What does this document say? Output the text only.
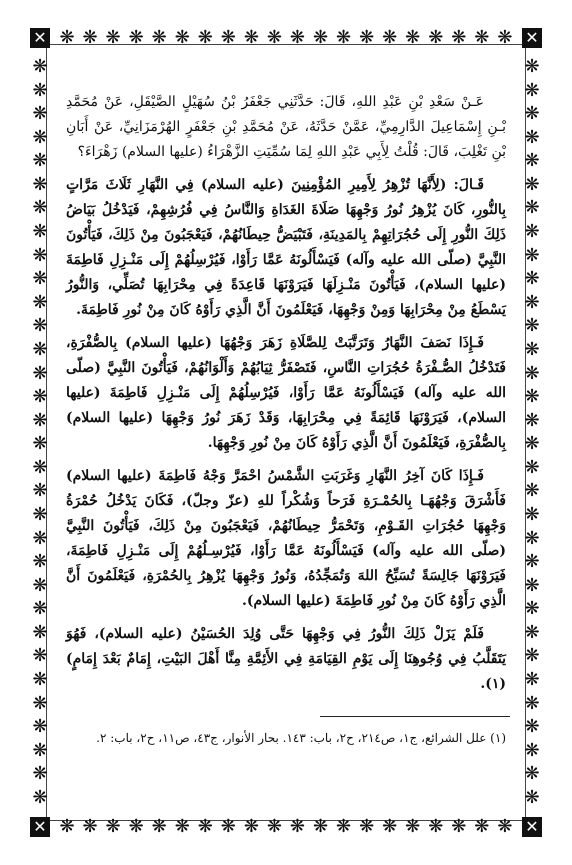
✕	✕
✕	✕
❋ ❋ ❋ ❋ ❋ ❋ ❋ ❋ ❋ ❋ ❋ ❋ ❋ ❋ ❋ ❋ ❋ ❋ ❋ ❋
❋ ❋ ❋ ❋ ❋ ❋ ❋ ❋ ❋ ❋ ❋ ❋ ❋ ❋ ❋ ❋ ❋ ❋ ❋ ❋
❋
❋
❋
❋
❋
❋
❋
❋
❋
❋
❋
❋
❋
❋
❋
❋
❋
❋
❋
❋
❋
❋
❋
❋
❋
❋
❋
❋
❋
❋
❋
❋
❋
❋
❋
❋
❋
❋
❋
❋
❋
❋
❋
❋
❋
❋
❋
❋
❋
❋
❋
❋
❋
❋
❋
❋
❋
❋
❋
❋
❋
❋
❋
❋

عَـنْ سَعْدِ بْنِ عَبْدِ اللهِ، قَالَ: حَدَّثَنِي جَعْفَرُ بْنُ سُهَيْلٍ الصَّيْقَلِ، عَنْ مُحَمَّدِ بْـنِ إِسْمَاعِيلَ الدَّارِمِيِّ، عَمَّنْ حَدَّثَهُ، عَنْ مُحَمَّدِ بْنِ جَعْفَرٍ الهُرْمَزَانِيِّ، عَنْ أَبَانِ بْنِ تَغْلِبَ، قَالَ: قُلْتُ لِأَبِي عَبْدِ اللهِ لِمَا سُمِّيَتِ الزَّهْرَاءُ (عليها السلام) زَهْرَاءَ؟

قَـالَ: (لِأَنَّهَا تُزْهِرُ لِأَمِيرِ المُؤْمِنِينَ (عليه السلام) فِي النَّهَارِ ثَلَاثَ مَرَّاتٍ بِالنُّورِ، كَانَ يُزْهِرُ نُورُ وَجْهِهَا صَلَاةَ الغَدَاةِ وَالنَّاسُ فِي فُرُشِهِمْ، فَيَدْخُلُ بَيَاضُ ذَلِكَ النُّورِ إِلَى حُجُرَاتِهِمْ بِالمَدِينَةِ، فَتَبْيَضُّ حِيطَانُهُمْ، فَيَعْجَبُونَ مِنْ ذَلِكَ، فَيَأْتُونَ النَّبِيَّ (صلّى الله عليه وآله) فَيَسْأَلُونَهُ عَمَّا رَأَوْا، فَيُرْسِلُهُمْ إِلَى مَنْـزِلِ فَاطِمَةَ (عليها السلام)، فَيَأْتُونَ مَنْـزِلَهَا فَيَرَوْنَهَا قَاعِدَةً فِي مِحْرَابِهَا تُصَلِّي، وَالنُّورُ يَسْطَعُ مِنْ مِحْرَابِهَا وَمِنْ وَجْهِهَا، فَيَعْلَمُونَ أَنَّ الَّذِي رَأَوْهُ كَانَ مِنْ نُورِ فَاطِمَةَ.

فَـإِذَا نَصَفَ النَّهَارُ وَتَرَتَّبَتْ لِلصَّلَاةِ زَهَرَ وَجْهُهَا (عليها السلام) بِالصُّفْرَةِ، فَتَدْخُلُ الصُّـفْرَةُ حُجُرَاتِ النَّاسِ، فَتَصْفَرُّ ثِيَابُهُمْ وَأَلْوَانُهُمْ، فَيَأْتُونَ النَّبِيَّ (صلّى الله عليه وآله) فَيَسْأَلُونَهُ عَمَّا رَأَوْا، فَيُرْسِلُهُمْ إِلَى مَنْـزِلِ فَاطِمَةَ (عليها السلام)، فَيَرَوْنَهَا قَائِمَةً فِي مِحْرَابِهَا، وَقَدْ زَهَرَ نُورُ وَجْهِهَا (عليها السلام) بِالصُّفْرَةِ، فَيَعْلَمُونَ أَنَّ الَّذِي رَأَوْهُ كَانَ مِنْ نُورِ وَجْهِهَا.

فَـإِذَا كَانَ آخِرُ النَّهَارِ وَغَرَبَتِ الشَّمْسُ احْمَرَّ وَجْهُ فَاطِمَةَ (عليها السلام) فَأَشْرَقَ وَجْهُهَـا بِالحُمْـرَةِ فَرَحاً وَشُكْراً للهِ (عزّ وجلّ)، فَكَانَ يَدْخُلُ حُمْرَةُ وَجْهِهَا حُجُرَاتِ القَـوْمِ، وَتَحْمَرُّ حِيطَانُهُمْ، فَيَعْجَبُونَ مِنْ ذَلِكَ، فَيَأْتُونَ النَّبِيَّ (صلّى الله عليه وآله) فَيَسْأَلُونَهُ عَمَّا رَأَوْا، فَيُرْسِـلُهُمْ إِلَى مَنْـزِلِ فَاطِمَةَ، فَيَرَوْنَهَا جَالِسَةً تُسَبِّحُ اللهَ وَتُمَجِّدُهُ، وَنُورُ وَجْهِهَا يُزْهِرُ بِالحُمْرَةِ، فَيَعْلَمُونَ أَنَّ الَّذِي رَأَوْهُ كَانَ مِنْ نُورِ فَاطِمَةَ (عليها السلام).

فَلَمْ يَزَلْ ذَلِكَ النُّورُ فِي وَجْهِهَا حَتَّى وُلِدَ الحُسَيْنُ (عليه السلام)، فَهُوَ يَتَقَلَّبُ فِي وُجُوهِنَا إِلَى يَوْمِ القِيَامَةِ فِي الأَئِمَّةِ مِنَّا أَهْلَ البَيْتِ، إِمَامٌ بَعْدَ إِمَامٍ)(١).

(١) علل الشرائع، ج١، ص٢١٤، ح٢، باب: ١٤٣. بحار الأنوار، ج٤٣، ص١١، ح٢، باب: ٢.
